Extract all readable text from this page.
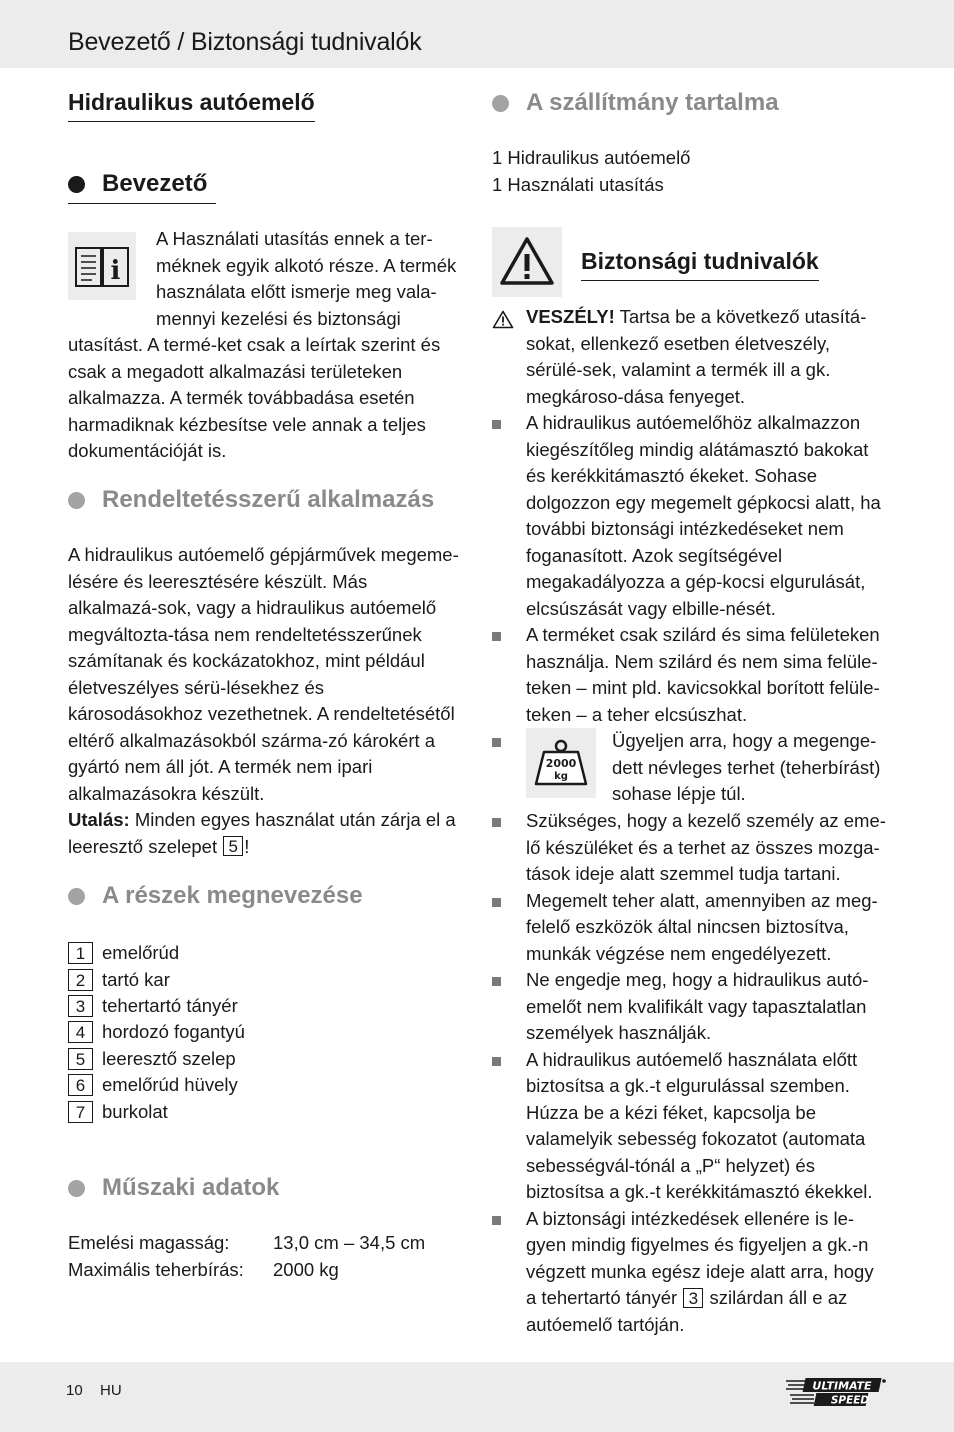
Bevezető / Biztonsági tudnivalók
Hidraulikus autóemelő
Bevezető
i
A Használati utasítás ennek a ter-méknek egyik alkotó része. A termék használata előtt ismerje meg vala-mennyi kezelési és biztonsági utasítást. A termé-ket csak a leírtak szerint és csak a megadott alkalmazási területeken alkalmazza. A termék továbbadása esetén harmadiknak kézbesítse vele annak a teljes dokumentációját is.
Rendeltetésszerű alkalmazás

A hidraulikus autóemelő gépjárművek megeme-lésére és leeresztésére készült. Más alkalmazá-sok, vagy a hidraulikus autóemelő megváltozta-tása nem rendeltetésszerűnek számítanak és kockázatokhoz, mint például életveszélyes sérü-lésekhez és károsodásokhoz vezethetnek. A rendeltetésétől eltérő alkalmazásokból szárma-zó károkért a gyártó nem áll jót. A termék nem ipari alkalmazásokra készült.
Utalás: Minden egyes használat után zárja el a leeresztő szelepet 5 !

A részek megnevezése
1 emelőrúd
2 tartó kar
3 tehertartó tányér
4 hordozó fogantyú
5 leeresztő szelep
6 emelőrúd hüvely
7 burkolat
Műszaki adatok
Emelési magasság:	13,0 cm – 34,5 cm
Maximális teherbírás:	2000 kg
A szállítmány tartalma
1 Hidraulikus autóemelő
1 Használati utasítás
Biztonsági tudnivalók
VESZÉLY! Tartsa be a következő utasítá-sokat, ellenkező esetben életveszély, sérülé-sek, valamint a termék ill a gk. megkároso-dása fenyeget.
A hidraulikus autóemelőhöz alkalmazzon kiegészítőleg mindig alátámasztó bakokat és kerékkitámasztó ékeket. Sohase dolgozzon egy megemelt gépkocsi alatt, ha további biztonsági intézkedéseket nem foganasított. Azok segítségével megakadályozza a gép-kocsi elgurulását, elcsúszását vagy elbille-nését.
A terméket csak szilárd és sima felületeken használja. Nem szilárd és nem sima felüle-teken – mint pld. kavicsokkal borított felüle-teken – a teher elcsúszhat.
2000
kg
Ügyeljen arra, hogy a megenge-dett névleges terhet (teherbírást) sohase lépje túl.
Szükséges, hogy a kezelő személy az eme-lő készüléket és a terhet az összes mozga-tások ideje alatt szemmel tudja tartani.
Megemelt teher alatt, amennyiben az meg-felelő eszközök által nincsen biztosítva, munkák végzése nem engedélyezett.
Ne engedje meg, hogy a hidraulikus autó-emelőt nem kvalifikált vagy tapasztalatlan személyek használják.
A hidraulikus autóemelő használata előtt biztosítsa a gk.-t elgurulással szemben. Húzza be a kézi féket, kapcsolja be valamelyik sebesség fokozatot (automata sebességvál-tónál a „P“ helyzet) és biztosítsa a gk.-t kerékkitámasztó ékekkel.
A biztonsági intézkedések ellenére is le-gyen mindig figyelmes és figyeljen a gk.-n végzett munka egész ideje alatt arra, hogy a tehertartó tányér 3 szilárdan áll e az autóemelő tartóján.
10 HU	ULTIMATE
SPEED
